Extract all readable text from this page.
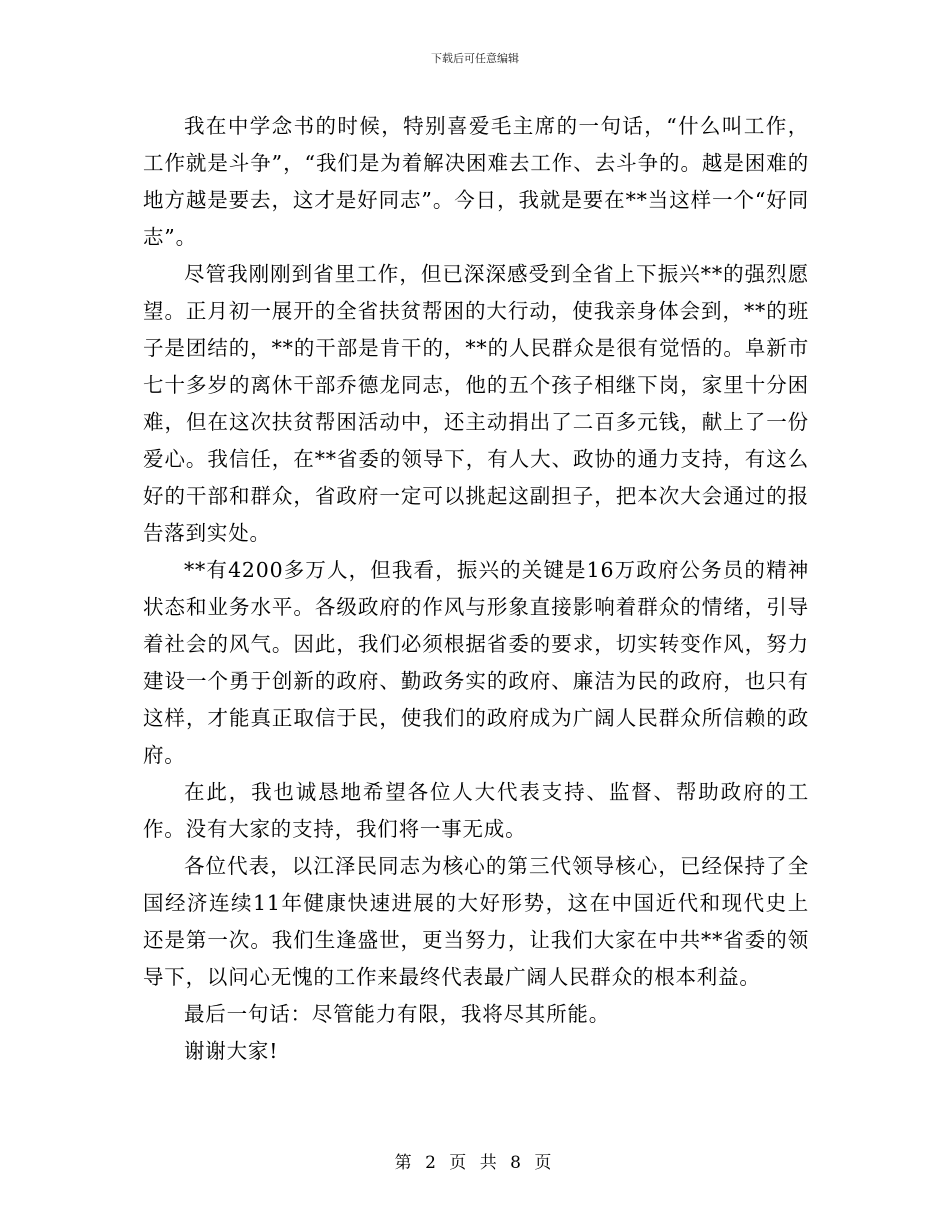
下载后可任意编辑

我在中学念书的时候，特别喜爱毛主席的一句话，“什么叫工作，工作就是斗争”，“我们是为着解决困难去工作、去斗争的。越是困难的地方越是要去，这才是好同志”。今日，我就是要在**当这样一个“好同志”。

尽管我刚刚到省里工作，但已深深感受到全省上下振兴**的强烈愿望。正月初一展开的全省扶贫帮困的大行动，使我亲身体会到，**的班子是团结的，**的干部是肯干的，**的人民群众是很有觉悟的。阜新市七十多岁的离休干部乔德龙同志，他的五个孩子相继下岗，家里十分困难，但在这次扶贫帮困活动中，还主动捐出了二百多元钱，献上了一份爱心。我信任，在**省委的领导下，有人大、政协的通力支持，有这么好的干部和群众，省政府一定可以挑起这副担子，把本次大会通过的报告落到实处。

**有4200多万人，但我看，振兴的关键是16万政府公务员的精神状态和业务水平。各级政府的作风与形象直接影响着群众的情绪，引导着社会的风气。因此，我们必须根据省委的要求，切实转变作风，努力建设一个勇于创新的政府、勤政务实的政府、廉洁为民的政府，也只有这样，才能真正取信于民，使我们的政府成为广阔人民群众所信赖的政府。

在此，我也诚恳地希望各位人大代表支持、监督、帮助政府的工作。没有大家的支持，我们将一事无成。

各位代表，以江泽民同志为核心的第三代领导核心，已经保持了全国经济连续11年健康快速进展的大好形势，这在中国近代和现代史上还是第一次。我们生逢盛世，更当努力，让我们大家在中共**省委的领导下，以问心无愧的工作来最终代表最广阔人民群众的根本利益。

最后一句话：尽管能力有限，我将尽其所能。

谢谢大家!

第 2 页 共 8 页
